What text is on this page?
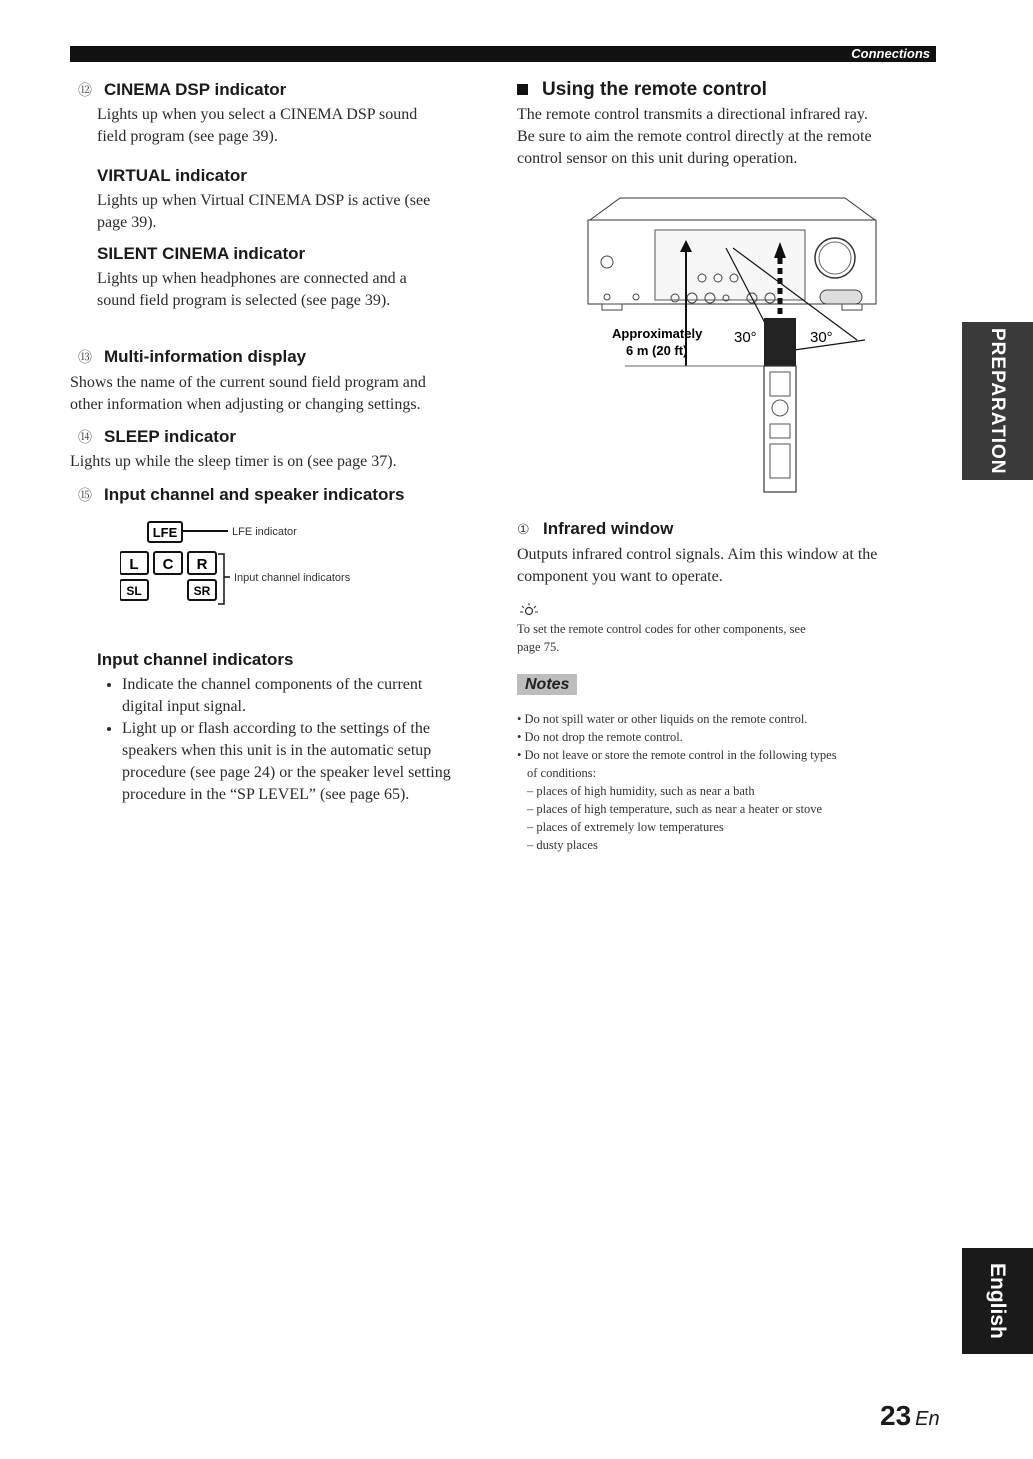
Connections
⑫ CINEMA DSP indicator
Lights up when you select a CINEMA DSP sound
field program (see page 39).
VIRTUAL indicator
Lights up when Virtual CINEMA DSP is active (see
page 39).
SILENT CINEMA indicator
Lights up when headphones are connected and a
sound field program is selected (see page 39).
⑬ Multi-information display
Shows the name of the current sound field program and
other information when adjusting or changing settings.
⑭ SLEEP indicator
Lights up while the sleep timer is on (see page 37).
⑮ Input channel and speaker indicators
LFE	LFE indicator
L C R
SL	SR
Input channel indicators
Input channel indicators
• Indicate the channel components of the current
digital input signal.
• Light up or flash according to the settings of the
speakers when this unit is in the automatic setup
procedure (see page 24) or the speaker level setting
procedure in the “SP LEVEL” (see page 65).
Using the remote control
The remote control transmits a directional infrared ray.
Be sure to aim the remote control directly at the remote
control sensor on this unit during operation.
Approximately
6 m (20 ft)
30°	30°
① Infrared window
Outputs infrared control signals. Aim this window at the
component you want to operate.
To set the remote control codes for other components, see
page 75.
Notes
• Do not spill water or other liquids on the remote control.
• Do not drop the remote control.
• Do not leave or store the remote control in the following types
of conditions:
– places of high humidity, such as near a bath
– places of high temperature, such as near a heater or stove
– places of extremely low temperatures
– dusty places
PREPARATION
English
23 En
